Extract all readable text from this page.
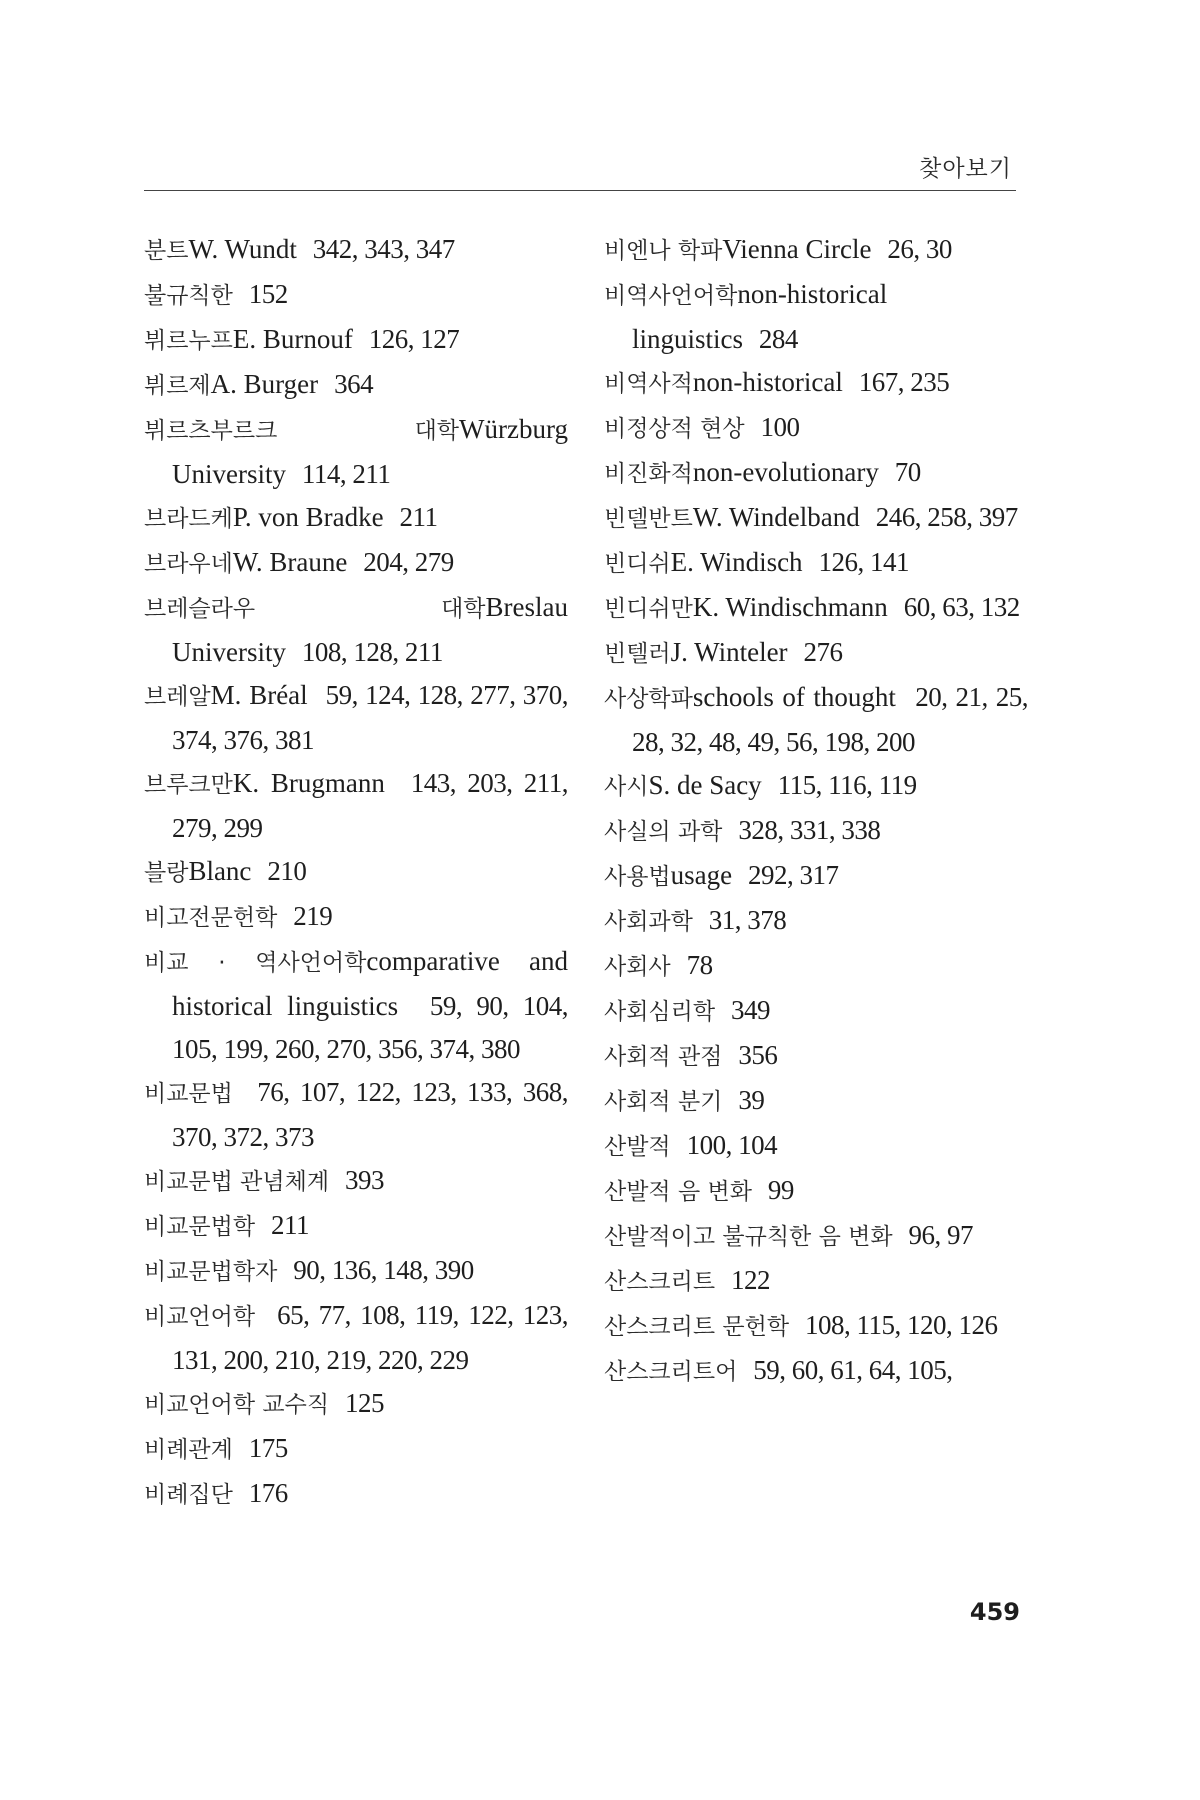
찾아보기

분트W. Wundt 342, 343, 347

불규칙한 152

뷔르누프E. Burnouf 126, 127

뷔르제A. Burger 364

뷔르츠부르크 대학Würzburg University 114, 211

브라드케P. von Bradke 211

브라우네W. Braune 204, 279

브레슬라우 대학Breslau University 108, 128, 211

브레알M. Bréal 59, 124, 128, 277, 370, 374, 376, 381

브루크만K. Brugmann 143, 203, 211, 279, 299

블랑Blanc 210

비고전문헌학 219

비교 · 역사언어학comparative and historical linguistics 59, 90, 104, 105, 199, 260, 270, 356, 374, 380

비교문법 76, 107, 122, 123, 133, 368, 370, 372, 373

비교문법 관념체계 393

비교문법학 211

비교문법학자 90, 136, 148, 390

비교언어학 65, 77, 108, 119, 122, 123, 131, 200, 210, 219, 220, 229

비교언어학 교수직 125

비례관계 175

비례집단 176

비엔나 학파Vienna Circle 26, 30

비역사언어학non-historical linguistics 284

비역사적non-historical 167, 235

비정상적 현상 100

비진화적non-evolutionary 70

빈델반트W. Windelband 246, 258, 397

빈디쉬E. Windisch 126, 141

빈디쉬만K. Windischmann 60, 63, 132

빈텔러J. Winteler 276

사상학파schools of thought 20, 21, 25, 28, 32, 48, 49, 56, 198, 200

사시S. de Sacy 115, 116, 119

사실의 과학 328, 331, 338

사용법usage 292, 317

사회과학 31, 378

사회사 78

사회심리학 349

사회적 관점 356

사회적 분기 39

산발적 100, 104

산발적 음 변화 99

산발적이고 불규칙한 음 변화 96, 97

산스크리트 122

산스크리트 문헌학 108, 115, 120, 126

산스크리트어 59, 60, 61, 64, 105,

459
